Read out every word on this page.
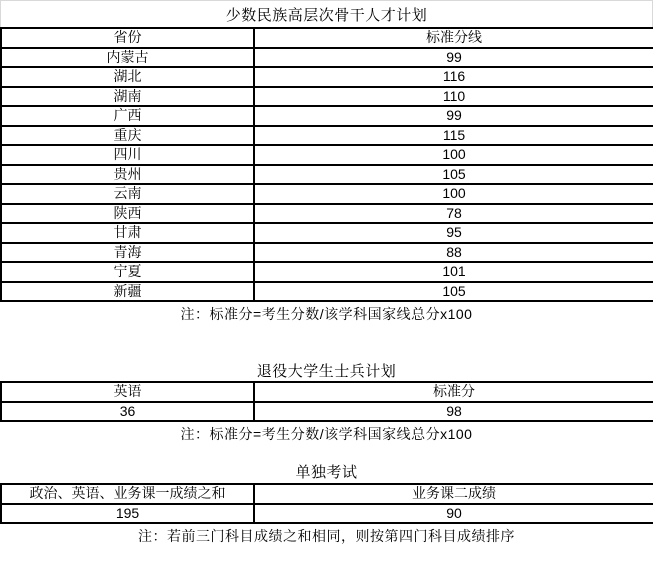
少数民族高层次骨干人才计划
省份	标准分线
内蒙古	99
湖北	116
湖南	110
广西	99
重庆	115
四川	100
贵州	105
云南	100
陕西	78
甘肃	95
青海	88
宁夏	101
新疆	105
注：标准分=考生分数/该学科国家线总分x100
退役大学生士兵计划
英语	标准分
36	98
注：标准分=考生分数/该学科国家线总分x100
单独考试
政治、英语、业务课一成绩之和	业务课二成绩
195	90
注：若前三门科目成绩之和相同，则按第四门科目成绩排序
